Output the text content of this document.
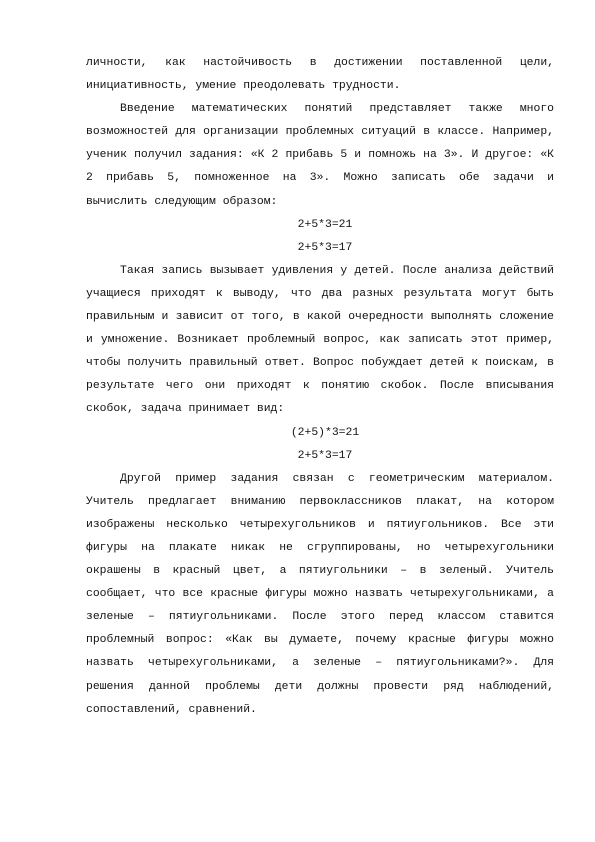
личности, как настойчивость в достижении поставленной цели, инициативность, умение преодолевать трудности.

Введение математических понятий представляет также много возможностей для организации проблемных ситуаций в классе. Например, ученик получил задания: «К 2 прибавь 5 и помножь на 3». И другое: «К 2 прибавь 5, помноженное на 3». Можно записать обе задачи и вычислить следующим образом:

2+5*3=21

2+5*3=17

Такая запись вызывает удивления у детей. После анализа действий учащиеся приходят к выводу, что два разных результата могут быть правильным и зависит от того, в какой очередности выполнять сложение и умножение. Возникает проблемный вопрос, как записать этот пример, чтобы получить правильный ответ. Вопрос побуждает детей к поискам, в результате чего они приходят к понятию скобок. После вписывания скобок, задача принимает вид:

(2+5)*3=21

2+5*3=17

Другой пример задания связан с геометрическим материалом. Учитель предлагает вниманию первоклассников плакат, на котором изображены несколько четырехугольников и пятиугольников. Все эти фигуры на плакате никак не сгруппированы, но четырехугольники окрашены в красный цвет, а пятиугольники – в зеленый. Учитель сообщает, что все красные фигуры можно назвать четырехугольниками, а зеленые – пятиугольниками. После этого перед классом ставится проблемный вопрос: «Как вы думаете, почему красные фигуры можно назвать четырехугольниками, а зеленые – пятиугольниками?». Для решения данной проблемы дети должны провести ряд наблюдений, сопоставлений, сравнений.
